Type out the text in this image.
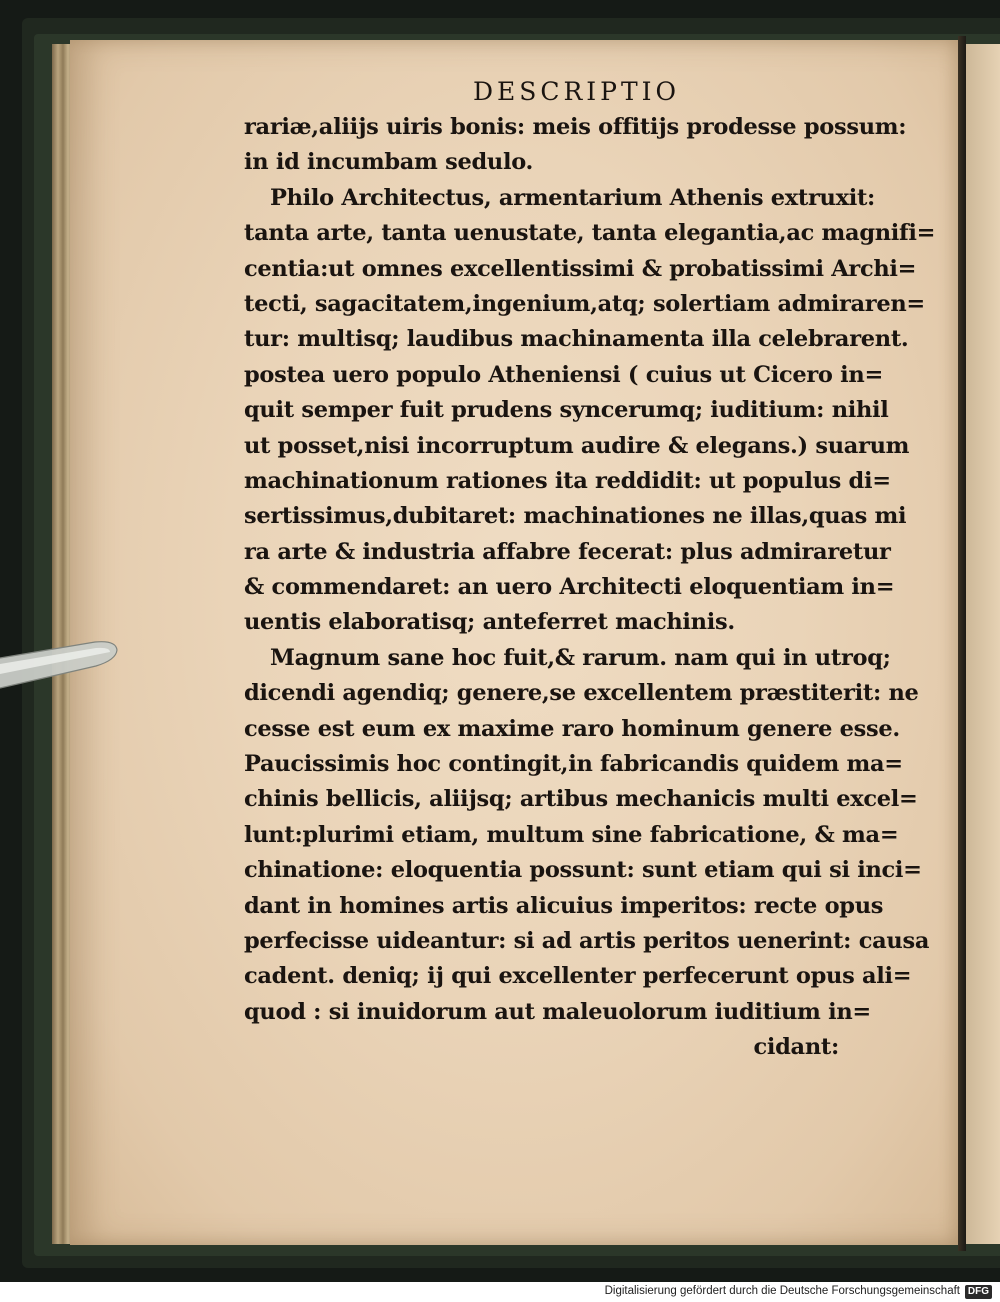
DESCRIPTIO
rariæ,aliĳs uiris bonis: meis offitĳs prodesse possum:
in id incumbam sedulo.
Philo Architectus, armentarium Athenis extruxit:
tanta arte, tanta uenustate, tanta elegantia,ac magnifi=
centia:ut omnes excellentissimi & probatissimi Archi=
tecti, sagacitatem,ingenium,atq; solertiam admiraren=
tur: multisq; laudibus machinamenta illa celebrarent.
postea uero populo Atheniensi ( cuius ut Cicero in=
quit semper fuit prudens syncerumq; iuditium: nihil
ut posset,nisi incorruptum audire & elegans.) suarum
machinationum rationes ita reddidit: ut populus di=
sertissimus,dubitaret: machinationes ne illas,quas mi
ra arte & industria affabre fecerat: plus admiraretur
& commendaret: an uero Architecti eloquentiam in=
uentis elaboratisq; anteferret machinis.
Magnum sane hoc fuit,& rarum. nam qui in utroq;
dicendi agendiq; genere,se excellentem præstiterit: ne
cesse est eum ex maxime raro hominum genere esse.
Paucissimis hoc contingit,in fabricandis quidem ma=
chinis bellicis, aliĳsq; artibus mechanicis multi excel=
lunt:plurimi etiam, multum sine fabricatione, & ma=
chinatione: eloquentia possunt: sunt etiam qui si inci=
dant in homines artis alicuius imperitos: recte opus
perfecisse uideantur: si ad artis peritos uenerint: causa
cadent. deniq; ĳ qui excellenter perfecerunt opus ali=
quod : si inuidorum aut maleuolorum iuditium in=
cidant:
Digitalisierung gefördert durch die Deutsche Forschungsgemeinschaft DFG
